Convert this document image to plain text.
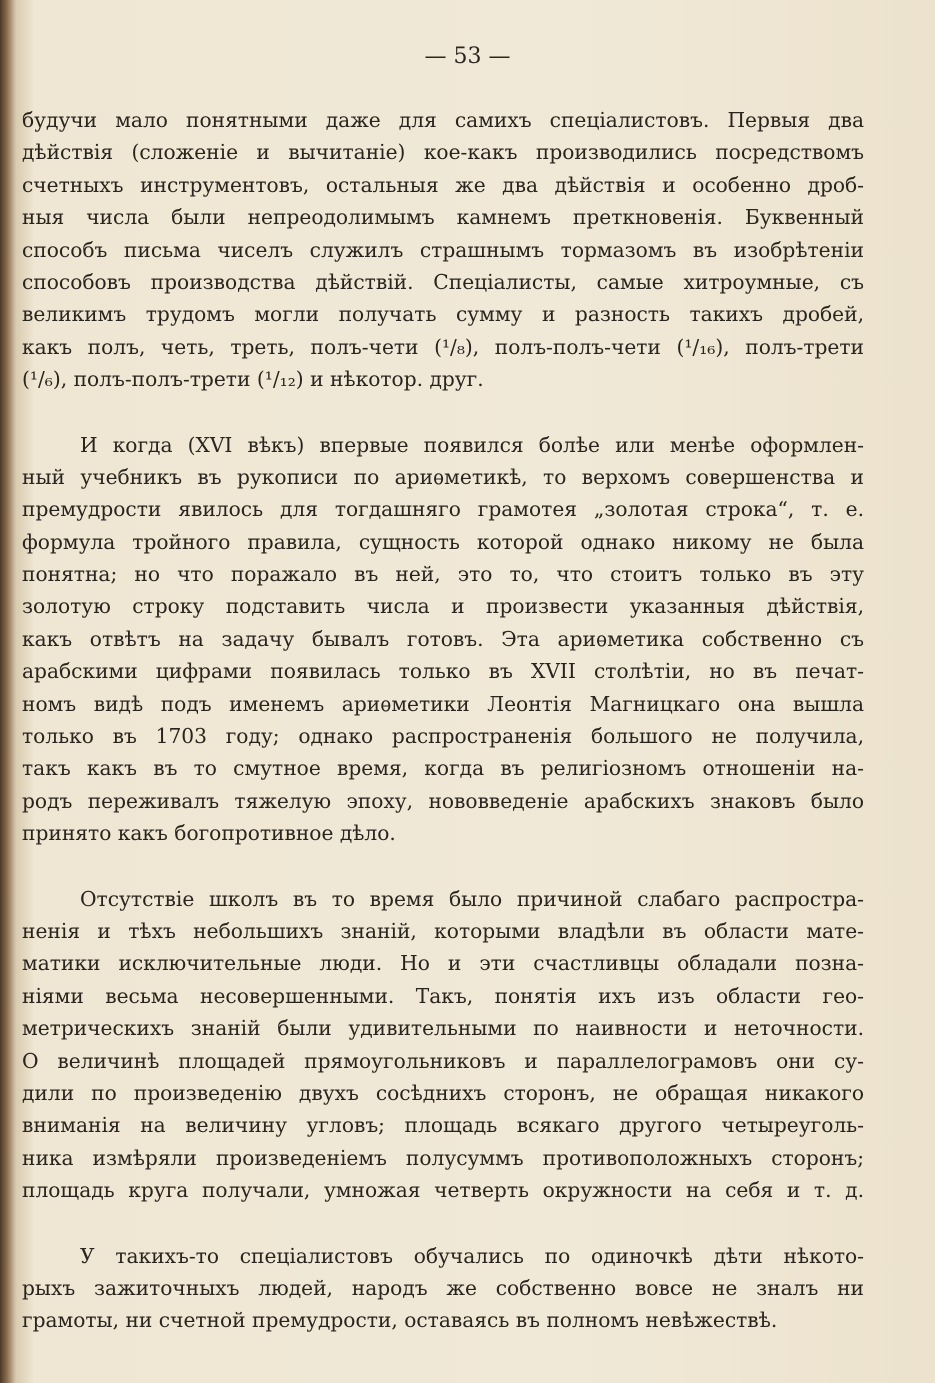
— 53 —
будучи мало понятными даже для самихъ спеціалистовъ. Первыя два
дѣйствія (сложеніе и вычитаніе) кое-какъ производились посредствомъ
счетныхъ инструментовъ, остальныя же два дѣйствія и особенно дроб-
ныя числа были непреодолимымъ камнемъ преткновенія. Буквенный
способъ письма чиселъ служилъ страшнымъ тормазомъ въ изобрѣтеніи
способовъ производства дѣйствій. Спеціалисты, самые хитроумные, съ
великимъ трудомъ могли получать сумму и разность такихъ дробей,
какъ полъ, четь, треть, полъ-чети (¹/₈), полъ-полъ-чети (¹/₁₆), полъ-трети
(¹/₆), полъ-полъ-трети (¹/₁₂) и нѣкотор. друг.
И когда (XVI вѣкъ) впервые появился болѣе или менѣе оформлен-
ный учебникъ въ рукописи по ариѳметикѣ, то верхомъ совершенства и
премудрости явилось для тогдашняго грамотея „золотая строка“, т. е.
формула тройного правила, сущность которой однако никому не была
понятна; но что поражало въ ней, это то, что стоитъ только въ эту
золотую строку подставить числа и произвести указанныя дѣйствія,
какъ отвѣтъ на задачу бывалъ готовъ. Эта ариѳметика собственно съ
арабскими цифрами появилась только въ XVII столѣтіи, но въ печат-
номъ видѣ подъ именемъ ариѳметики Леонтія Магницкаго она вышла
только въ 1703 году; однако распространенія большого не получила,
такъ какъ въ то смутное время, когда въ религіозномъ отношеніи на-
родъ переживалъ тяжелую эпоху, нововведеніе арабскихъ знаковъ было
принято какъ богопротивное дѣло.
Отсутствіе школъ въ то время было причиной слабаго распростра-
ненія и тѣхъ небольшихъ знаній, которыми владѣли въ области мате-
матики исключительные люди. Но и эти счастливцы обладали позна-
ніями весьма несовершенными. Такъ, понятія ихъ изъ области гео-
метрическихъ знаній были удивительными по наивности и неточности.
О величинѣ площадей прямоугольниковъ и параллелограмовъ они су-
дили по произведенію двухъ сосѣднихъ сторонъ, не обращая никакого
вниманія на величину угловъ; площадь всякаго другого четыреуголь-
ника измѣряли произведеніемъ полусуммъ противоположныхъ сторонъ;
площадь круга получали, умножая четверть окружности на себя и т. д.
У такихъ-то спеціалистовъ обучались по одиночкѣ дѣти нѣкото-
рыхъ зажиточныхъ людей, народъ же собственно вовсе не зналъ ни
грамоты, ни счетной премудрости, оставаясь въ полномъ невѣжествѣ.
